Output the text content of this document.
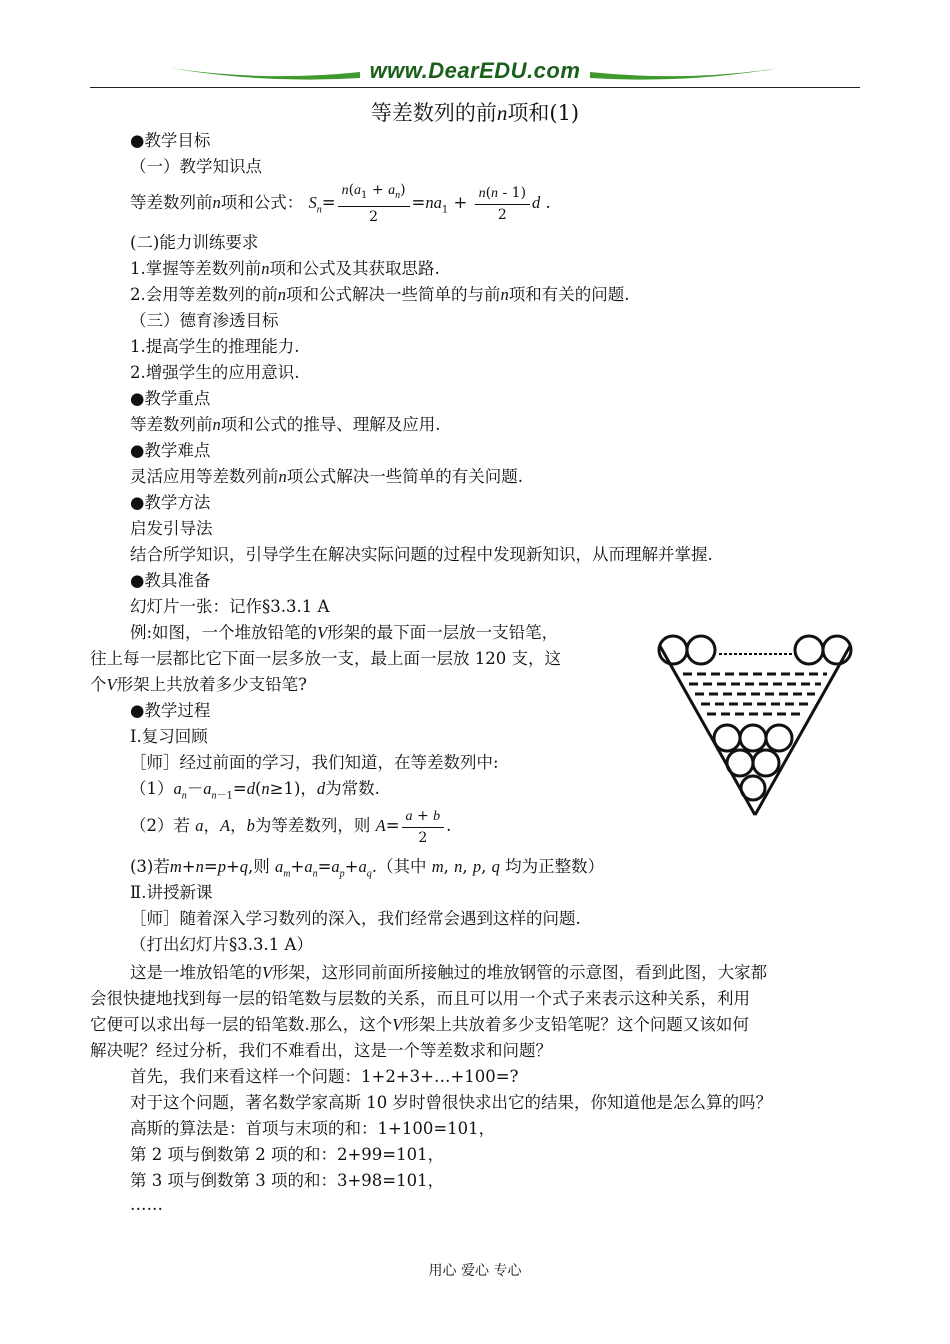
www.DearEDU.com
等差数列的前n项和(1)
●教学目标
（一）教学知识点
等差数列前n项和公式： $S_n= \frac{n(a_1 + a_n)}{2} =na_1 + \frac{n(n - 1)}{2}$ d .
(二)能力训练要求
1.掌握等差数列前n项和公式及其获取思路.
2.会用等差数列的前n项和公式解决一些简单的与前n项和有关的问题.
（三）德育渗透目标
1.提高学生的推理能力.
2.增强学生的应用意识.
●教学重点
等差数列前n项和公式的推导、理解及应用.
●教学难点
灵活应用等差数列前n项公式解决一些简单的有关问题.
●教学方法
启发引导法
结合所学知识，引导学生在解决实际问题的过程中发现新知识，从而理解并掌握.
●教具准备
幻灯片一张：记作§3.3.1 A
例:如图，一个堆放铅笔的V形架的最下面一层放一支铅笔，
往上每一层都比它下面一层多放一支，最上面一层放 120 支，这
个V形架上共放着多少支铅笔?
●教学过程
Ⅰ.复习回顾
［师］经过前面的学习，我们知道，在等差数列中:
$(1)a_n-a_{n-1}=d(n\ge 1)$，d为常数.
（2）若 a，A，b为等差数列，则 $A= \frac{a + b}{2}$ .
(3)若m+n=p+q,则 $a_m+a_n=a_p+a_q$.（其中 m, n, p, q 均为正整数）
Ⅱ.讲授新课
［师］随着深入学习数列的深入，我们经常会遇到这样的问题.
（打出幻灯片§3.3.1 A）
这是一堆放铅笔的V形架，这形同前面所接触过的堆放钢管的示意图，看到此图，大家都
会很快捷地找到每一层的铅笔数与层数的关系，而且可以用一个式子来表示这种关系，利用
它便可以求出每一层的铅笔数.那么，这个V形架上共放着多少支铅笔呢？这个问题又该如何
解决呢？经过分析，我们不难看出，这是一个等差数求和问题？
首先，我们来看这样一个问题：1+2+3+…+100=?
对于这个问题，著名数学家高斯 10 岁时曾很快求出它的结果，你知道他是怎么算的吗？
高斯的算法是：首项与末项的和：1+100=101，
第 2 项与倒数第 2 项的和：2+99=101，
第 3 项与倒数第 3 项的和：3+98=101，
……
用心 爱心 专心
